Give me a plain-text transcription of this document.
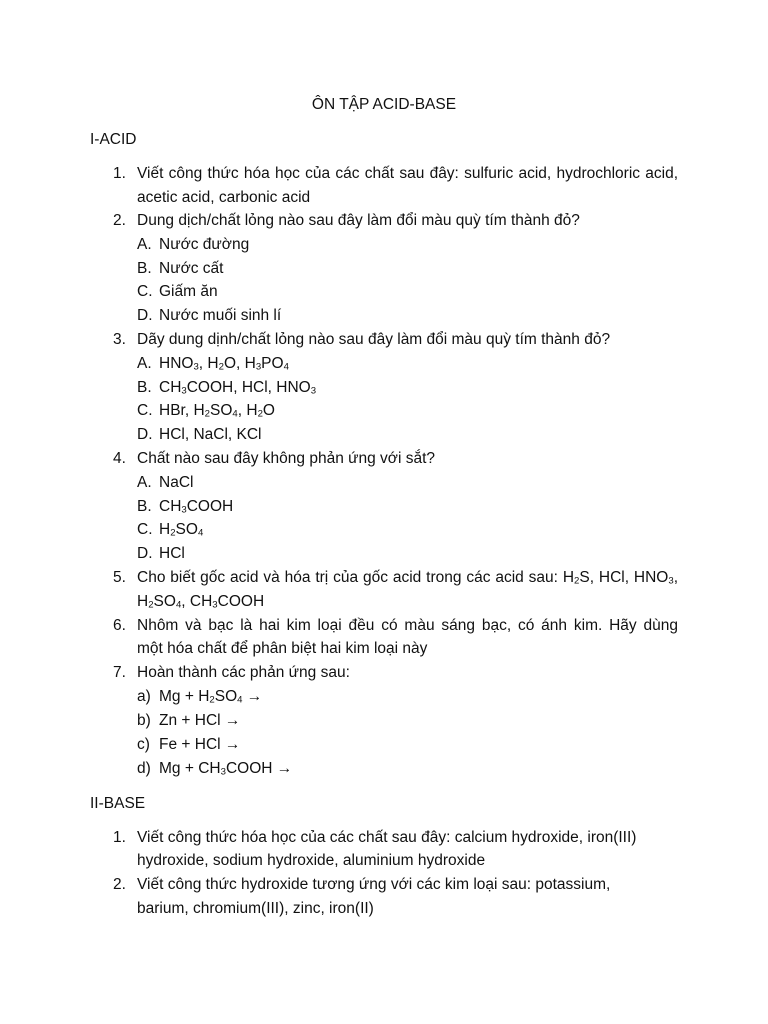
ÔN TẬP ACID-BASE
I-ACID
1. Viết công thức hóa học của các chất sau đây: sulfuric acid, hydrochloric acid,
acetic acid, carbonic acid
2. Dung dịch/chất lỏng nào sau đây làm đổi màu quỳ tím thành đỏ?
A. Nước đường
B. Nước cất
C. Giấm ăn
D. Nước muối sinh lí
3. Dãy dung dịnh/chất lỏng nào sau đây làm đổi màu quỳ tím thành đỏ?
A. $HNO_3$, $H_2O$, $H_3PO_4$
B. $CH_3COOH$, HCl, $HNO_3$
C. HBr, $H_2SO_4$, $H_2O$
D. HCl, NaCl, KCl
4. Chất nào sau đây không phản ứng với sắt?
A. NaCl
B. $CH_3COOH$
C. $H_2SO_4$
D. HCl
5. Cho biết gốc acid và hóa trị của gốc acid trong các acid sau: $H_2S$, HCl, $HNO_3$,
$H_2SO_4$, $CH_3COOH$
6. Nhôm và bạc là hai kim loại đều có màu sáng bạc, có ánh kim. Hãy dùng
một hóa chất để phân biệt hai kim loại này
7. Hoàn thành các phản ứng sau:
a) $Mg + H_2SO_4$ →
b) Zn + HCl →
c) Fe + HCl →
d) $Mg + CH_3COOH$ →
II-BASE
1. Viết công thức hóa học của các chất sau đây: calcium hydroxide, iron(III)
hydroxide, sodium hydroxide, aluminium hydroxide
2. Viết công thức hydroxide tương ứng với các kim loại sau: potassium,
barium, chromium(III), zinc, iron(II)
